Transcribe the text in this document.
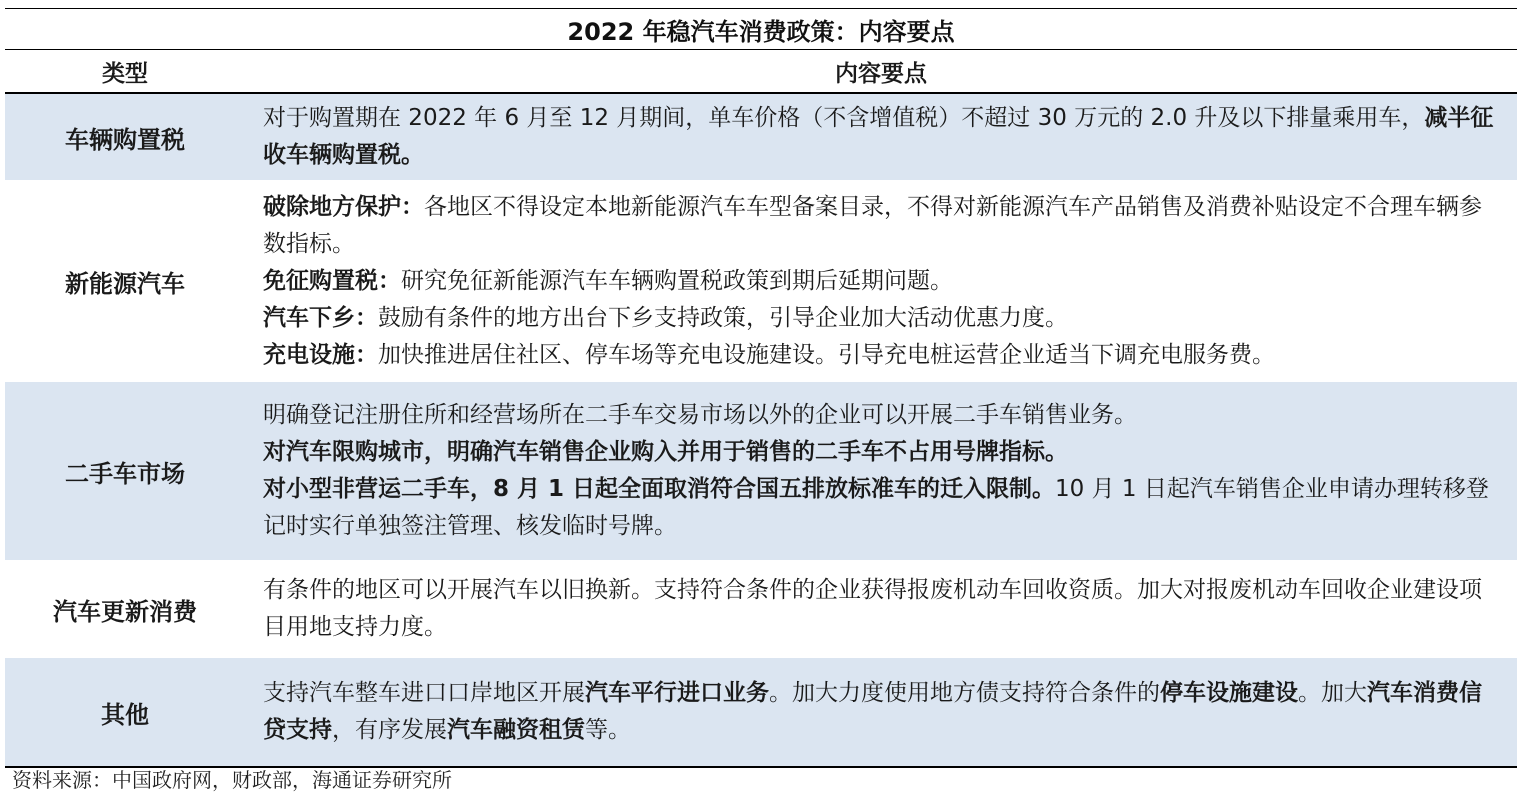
2022 年稳汽车消费政策：内容要点
类型	内容要点
车辆购置税

对于购置期在 2022 年 6 月至 12 月期间，单车价格（不含增值税）不超过 30 万元的 2.0 升及以下排量乘用车，减半征收车辆购置税。

新能源汽车

破除地方保护：各地区不得设定本地新能源汽车车型备案目录，不得对新能源汽车产品销售及消费补贴设定不合理车辆参数指标。

免征购置税：研究免征新能源汽车车辆购置税政策到期后延期问题。

汽车下乡：鼓励有条件的地方出台下乡支持政策，引导企业加大活动优惠力度。

充电设施：加快推进居住社区、停车场等充电设施建设。引导充电桩运营企业适当下调充电服务费。

二手车市场

明确登记注册住所和经营场所在二手车交易市场以外的企业可以开展二手车销售业务。

对汽车限购城市，明确汽车销售企业购入并用于销售的二手车不占用号牌指标。

对小型非营运二手车，8 月 1 日起全面取消符合国五排放标准车的迁入限制。10 月 1 日起汽车销售企业申请办理转移登记时实行单独签注管理、核发临时号牌。

汽车更新消费

有条件的地区可以开展汽车以旧换新。支持符合条件的企业获得报废机动车回收资质。加大对报废机动车回收企业建设项目用地支持力度。

其他

支持汽车整车进口口岸地区开展汽车平行进口业务。加大力度使用地方债支持符合条件的停车设施建设。加大汽车消费信贷支持，有序发展汽车融资租赁等。

资料来源：中国政府网，财政部，海通证券研究所
